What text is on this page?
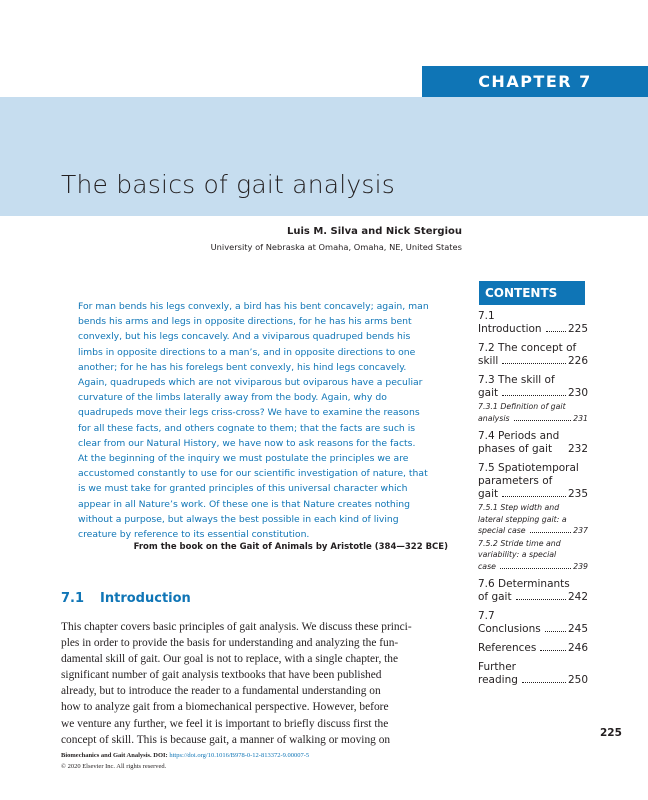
CHAPTER 7
The basics of gait analysis
Luis M. Silva and Nick Stergiou
University of Nebraska at Omaha, Omaha, NE, United States

For man bends his legs convexly, a bird has his bent concavely; again, man

bends his arms and legs in opposite directions, for he has his arms bent

convexly, but his legs concavely. And a viviparous quadruped bends his

limbs in opposite directions to a man’s, and in opposite directions to one

another; for he has his forelegs bent convexly, his hind legs concavely.

Again, quadrupeds which are not viviparous but oviparous have a peculiar

curvature of the limbs laterally away from the body. Again, why do

quadrupeds move their legs criss-cross? We have to examine the reasons

for all these facts, and others cognate to them; that the facts are such is

clear from our Natural History, we have now to ask reasons for the facts.

At the beginning of the inquiry we must postulate the principles we are

accustomed constantly to use for our scientific investigation of nature, that

is we must take for granted principles of this universal character which

appear in all Nature’s work. Of these one is that Nature creates nothing

without a purpose, but always the best possible in each kind of living

creature by reference to its essential constitution.

From the book on the Gait of Animals by Aristotle (384—322 BCE)
7.1 Introduction

This chapter covers basic principles of gait analysis. We discuss these princi-

ples in order to provide the basis for understanding and analyzing the fun-

damental skill of gait. Our goal is not to replace, with a single chapter, the

significant number of gait analysis textbooks that have been published

already, but to introduce the reader to a fundamental understanding on

how to analyze gait from a biomechanical perspective. However, before

we venture any further, we feel it is important to briefly discuss first the

concept of skill. This is because gait, a manner of walking or moving on

CONTENTS
7.1
Introduction	225
7.2 The concept of
skill	226
7.3 The skill of
gait	230
7.3.1 Definition of gait
analysis	231
7.4 Periods and
phases of gait 232
7.5 Spatiotemporal
parameters of
gait	235
7.5.1 Step width and
lateral stepping gait: a
special case	237
7.5.2 Stride time and
variability: a special
case	239
7.6 Determinants
of gait	242
7.7
Conclusions	245
References	246
Further
reading	250
225
Biomechanics and Gait Analysis. DOI: https://doi.org/10.1016/B978-0-12-813372-9.00007-5
© 2020 Elsevier Inc. All rights reserved.
